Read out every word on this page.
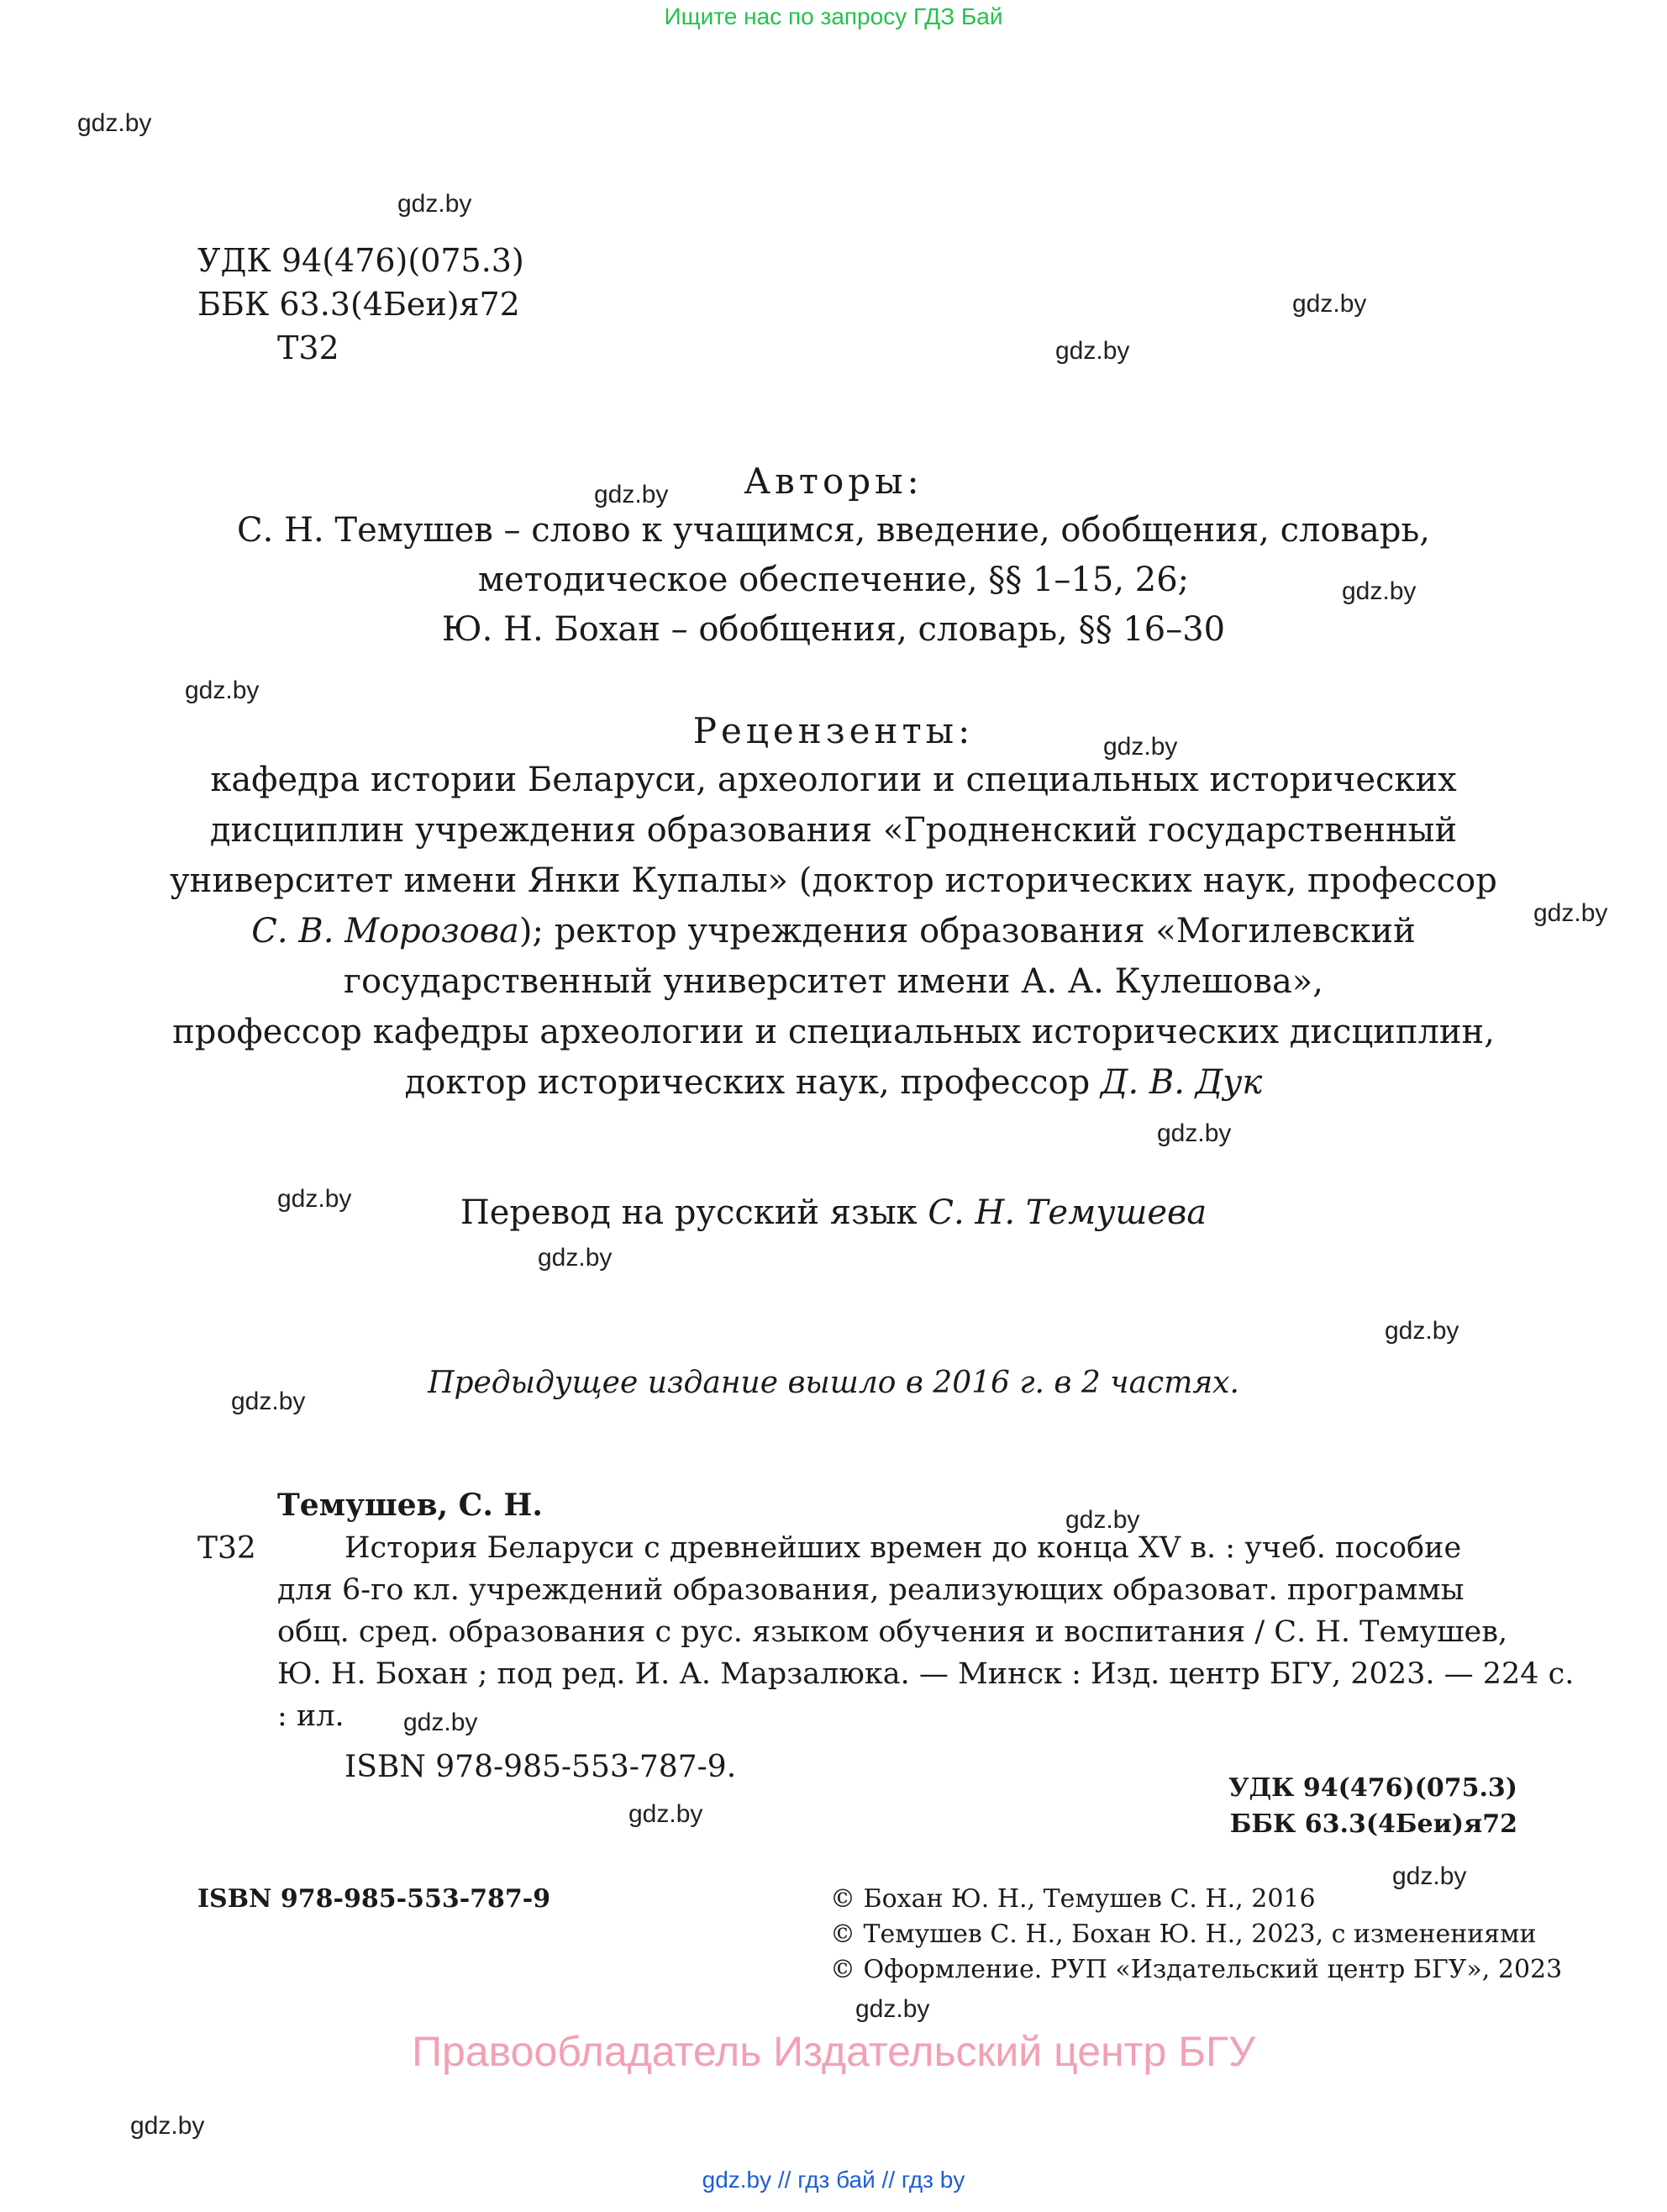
Ищите нас по запросу ГДЗ Бай
gdz.by
gdz.by
gdz.by
gdz.by
gdz.by
gdz.by
gdz.by
gdz.by
gdz.by
gdz.by
gdz.by
gdz.by
gdz.by
gdz.by
gdz.by
gdz.by
gdz.by
gdz.by
gdz.by
gdz.by
УДК 94(476)(075.3)
ББК 63.3(4Беи)я72
Т32
Авторы:
С. Н. Темушев – слово к учащимся, введение, обобщения, словарь,
методическое обеспечение, §§ 1–15, 26;
Ю. Н. Бохан – обобщения, словарь, §§ 16–30
Рецензенты:
кафедра истории Беларуси, археологии и специальных исторических
дисциплин учреждения образования «Гродненский государственный
университет имени Янки Купалы» (доктор исторических наук, профессор
С. В. Морозова); ректор учреждения образования «Могилевский
государственный университет имени А. А. Кулешова»,
профессор кафедры археологии и специальных исторических дисциплин,
доктор исторических наук, профессор Д. В. Дук
Перевод на русский язык С. Н. Темушева
Предыдущее издание вышло в 2016 г. в 2 частях.
Темушев, С. Н.
Т32	История Беларуси с древнейших времен до конца XV в. : учеб. пособие
для 6-го кл. учреждений образования, реализующих образоват. программы
общ. сред. образования с рус. языком обучения и воспитания / С. Н. Темушев,
Ю. Н. Бохан ; под ред. И. А. Марзалюка. — Минск : Изд. центр БГУ, 2023. — 224 с.
: ил.
ISBN 978-985-553-787-9.
УДК 94(476)(075.3)
ББК 63.3(4Беи)я72
ISBN 978-985-553-787-9	© Бохан Ю. Н., Темушев С. Н., 2016
© Темушев С. Н., Бохан Ю. Н., 2023, с изменениями
© Оформление. РУП «Издательский центр БГУ», 2023
Правообладатель Издательский центр БГУ
gdz.by // гдз бай // гдз by
